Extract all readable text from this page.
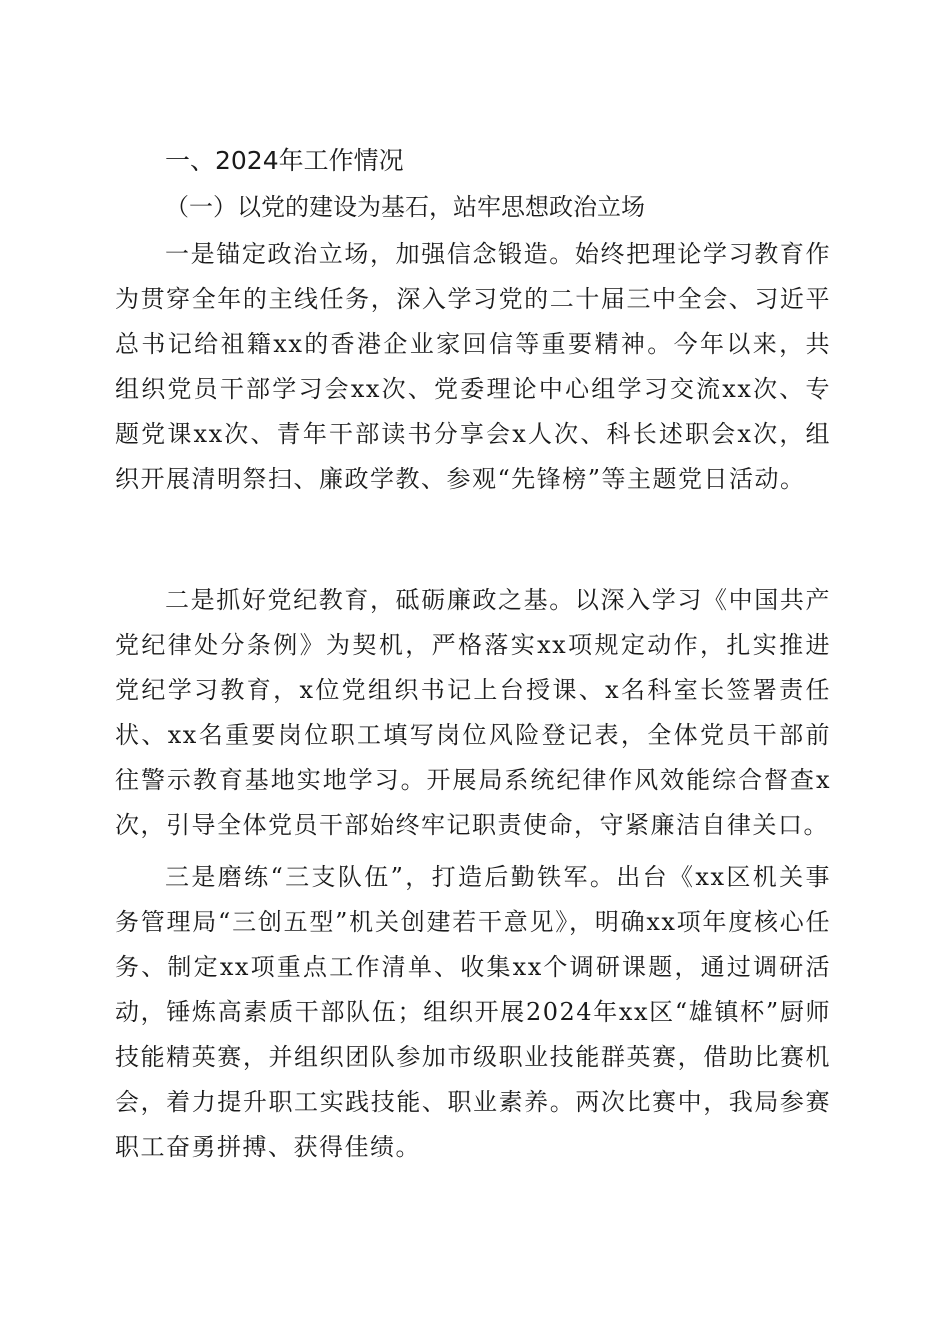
一、2024年工作情况
（一）以党的建设为基石，站牢思想政治立场

一是锚定政治立场，加强信念锻造。始终把理论学习教育作为贯穿全年的主线任务，深入学习党的二十届三中全会、习近平总书记给祖籍xx的香港企业家回信等重要精神。今年以来，共组织党员干部学习会xx次、党委理论中心组学习交流xx次、专题党课xx次、青年干部读书分享会x人次、科长述职会x次，组织开展清明祭扫、廉政学教、参观“先锋榜”等主题党日活动。

二是抓好党纪教育，砥砺廉政之基。以深入学习《中国共产党纪律处分条例》为契机，严格落实xx项规定动作，扎实推进党纪学习教育，x位党组织书记上台授课、x名科室长签署责任状、xx名重要岗位职工填写岗位风险登记表，全体党员干部前往警示教育基地实地学习。开展局系统纪律作风效能综合督查x次，引导全体党员干部始终牢记职责使命，守紧廉洁自律关口。

三是磨练“三支队伍”，打造后勤铁军。出台《xx区机关事务管理局“三创五型”机关创建若干意见》，明确xx项年度核心任务、制定xx项重点工作清单、收集xx个调研课题，通过调研活动，锤炼高素质干部队伍；组织开展2024年xx区“雄镇杯”厨师技能精英赛，并组织团队参加市级职业技能群英赛，借助比赛机会，着力提升职工实践技能、职业素养。两次比赛中，我局参赛职工奋勇拼搏、获得佳绩。
